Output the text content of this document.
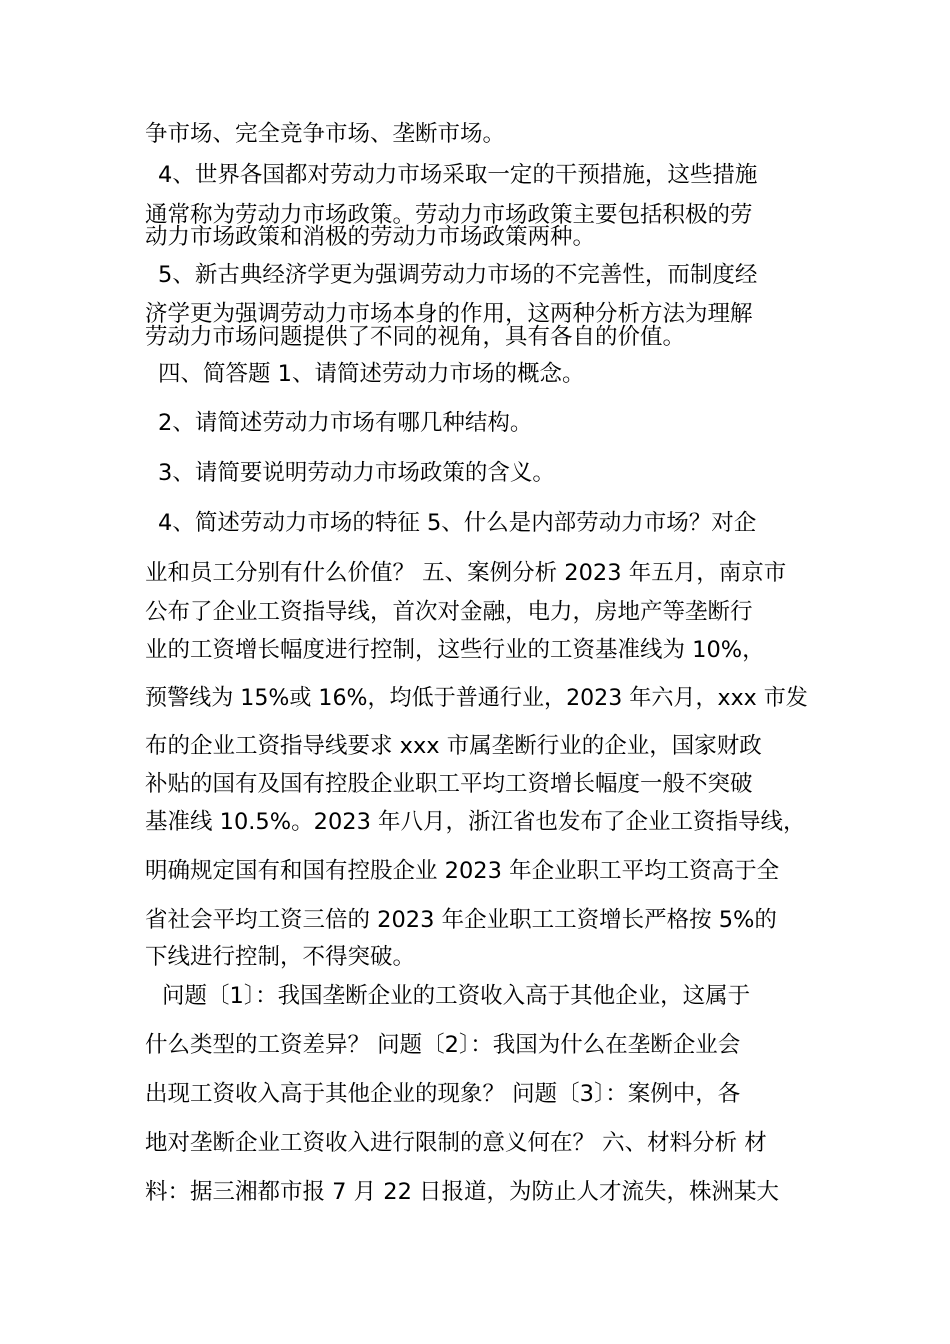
争市场、完全竞争市场、垄断市场。
4、世界各国都对劳动力市场采取一定的干预措施，这些措施
通常称为劳动力市场政策。劳动力市场政策主要包括积极的劳
动力市场政策和消极的劳动力市场政策两种。
5、新古典经济学更为强调劳动力市场的不完善性，而制度经
济学更为强调劳动力市场本身的作用，这两种分析方法为理解
劳动力市场问题提供了不同的视角，具有各自的价值。
四、简答题 1、请简述劳动力市场的概念。
2、请简述劳动力市场有哪几种结构。
3、请简要说明劳动力市场政策的含义。
4、简述劳动力市场的特征 5、什么是内部劳动力市场？对企
业和员工分别有什么价值？ 五、案例分析 2023 年五月，南京市
公布了企业工资指导线，首次对金融，电力，房地产等垄断行
业的工资增长幅度进行控制，这些行业的工资基准线为 10%，
预警线为 15%或 16%，均低于普通行业，2023 年六月，xxx 市发
布的企业工资指导线要求 xxx 市属垄断行业的企业，国家财政
补贴的国有及国有控股企业职工平均工资增长幅度一般不突破
基准线 10.5%。2023 年八月，浙江省也发布了企业工资指导线，
明确规定国有和国有控股企业 2023 年企业职工平均工资高于全
省社会平均工资三倍的 2023 年企业职工工资增长严格按 5%的
下线进行控制，不得突破。
问题〔1〕：我国垄断企业的工资收入高于其他企业，这属于
什么类型的工资差异？ 问题〔2〕：我国为什么在垄断企业会
出现工资收入高于其他企业的现象？ 问题〔3〕：案例中，各
地对垄断企业工资收入进行限制的意义何在？ 六、材料分析 材
料：据三湘都市报 7 月 22 日报道，为防止人才流失，株洲某大
